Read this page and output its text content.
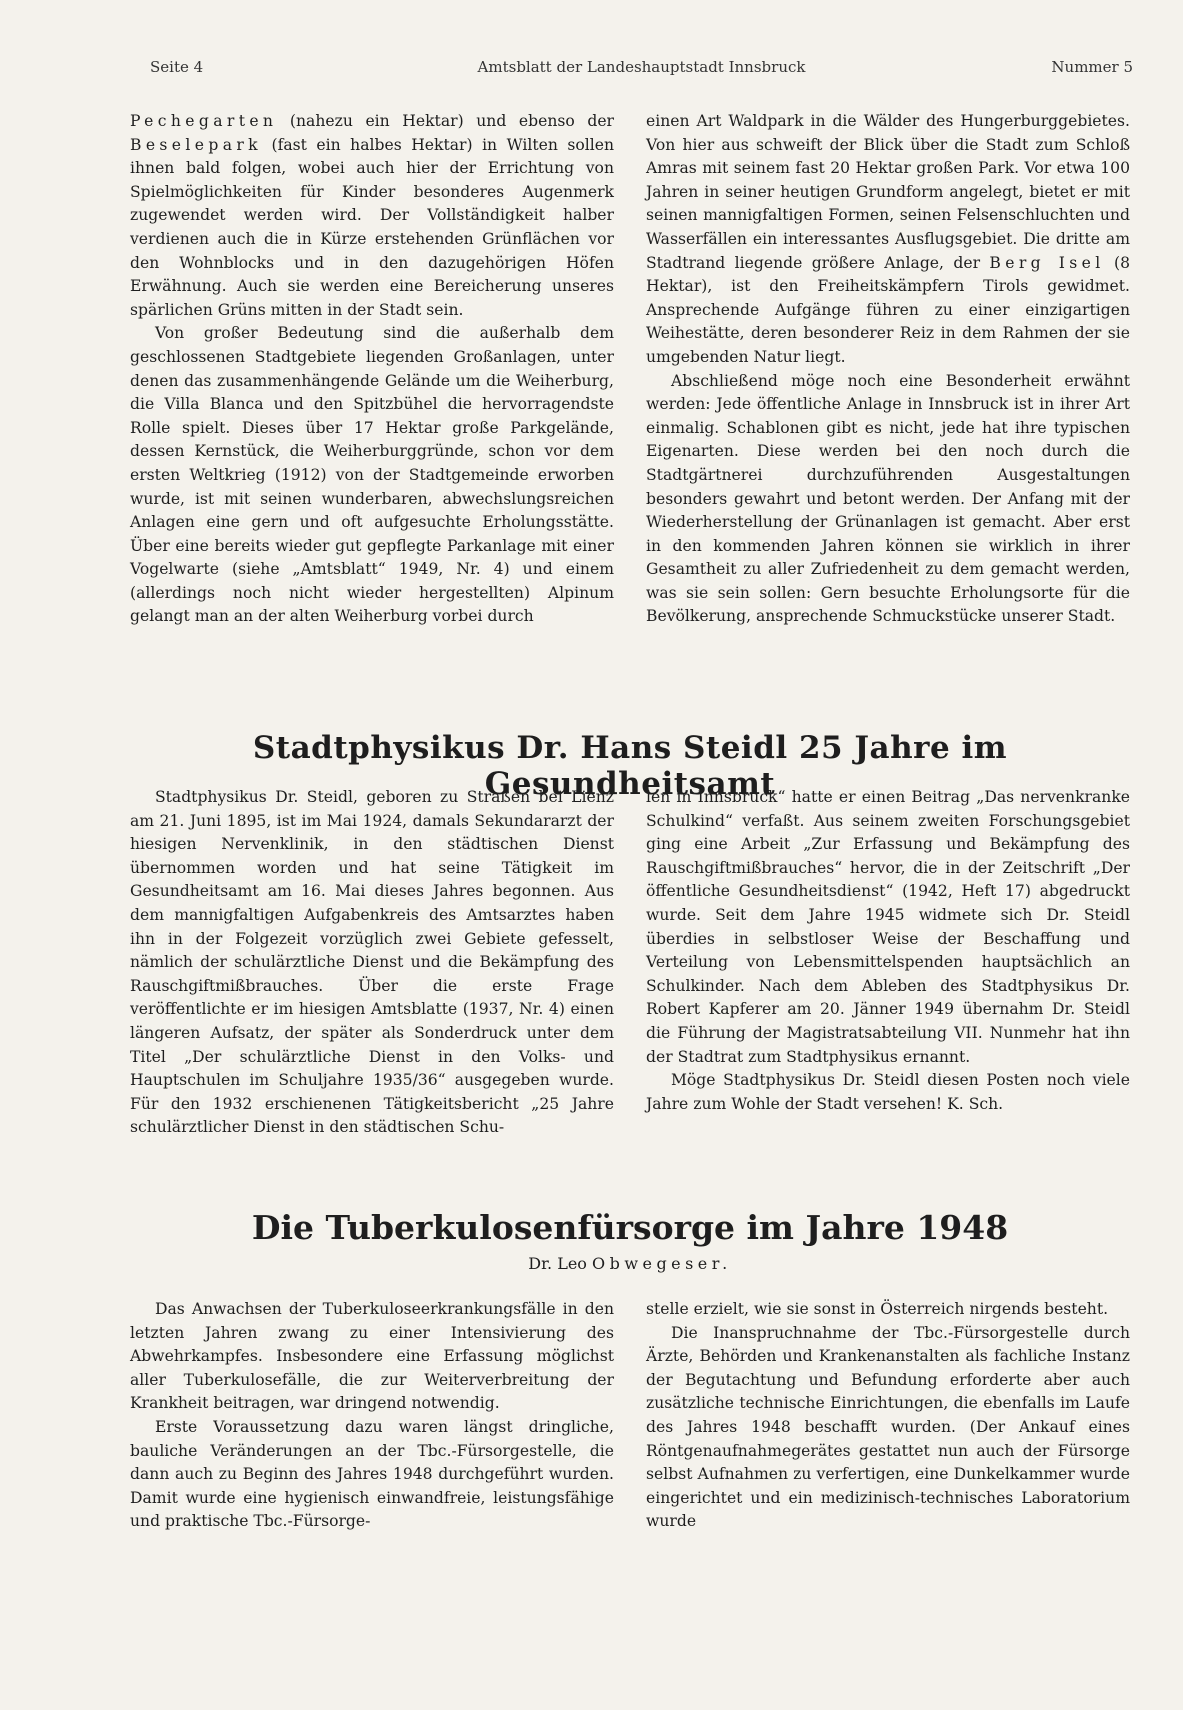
Seite 4	Amtsblatt der Landeshauptstadt Innsbruck	Nummer 5

Pechegarten (nahezu ein Hektar) und ebenso der Beselepark (fast ein halbes Hektar) in Wilten sollen ihnen bald folgen, wobei auch hier der Errichtung von Spielmöglichkeiten für Kinder besonderes Augenmerk zugewendet werden wird. Der Vollständigkeit halber verdienen auch die in Kürze erstehenden Grünflächen vor den Wohnblocks und in den dazugehörigen Höfen Erwähnung. Auch sie werden eine Bereicherung unseres spärlichen Grüns mitten in der Stadt sein.

Von großer Bedeutung sind die außerhalb dem geschlossenen Stadtgebiete liegenden Großanlagen, unter denen das zusammenhängende Gelände um die Weiherburg, die Villa Blanca und den Spitzbühel die hervorragendste Rolle spielt. Dieses über 17 Hektar große Parkgelände, dessen Kernstück, die Weiherburggründe, schon vor dem ersten Weltkrieg (1912) von der Stadtgemeinde erworben wurde, ist mit seinen wunderbaren, abwechslungsreichen Anlagen eine gern und oft aufgesuchte Erholungsstätte. Über eine bereits wieder gut gepflegte Parkanlage mit einer Vogelwarte (siehe „Amtsblatt“ 1949, Nr. 4) und einem (allerdings noch nicht wieder hergestellten) Alpinum gelangt man an der alten Weiherburg vorbei durch

einen Art Waldpark in die Wälder des Hungerburggebietes. Von hier aus schweift der Blick über die Stadt zum Schloß Amras mit seinem fast 20 Hektar großen Park. Vor etwa 100 Jahren in seiner heutigen Grundform angelegt, bietet er mit seinen mannigfaltigen Formen, seinen Felsenschluchten und Wasserfällen ein interessantes Ausflugsgebiet. Die dritte am Stadtrand liegende größere Anlage, der Berg Isel (8 Hektar), ist den Freiheitskämpfern Tirols gewidmet. Ansprechende Aufgänge führen zu einer einzigartigen Weihestätte, deren besonderer Reiz in dem Rahmen der sie umgebenden Natur liegt.

Abschließend möge noch eine Besonderheit erwähnt werden: Jede öffentliche Anlage in Innsbruck ist in ihrer Art einmalig. Schablonen gibt es nicht, jede hat ihre typischen Eigenarten. Diese werden bei den noch durch die Stadtgärtnerei durchzuführenden Ausgestaltungen besonders gewahrt und betont werden. Der Anfang mit der Wiederherstellung der Grünanlagen ist gemacht. Aber erst in den kommenden Jahren können sie wirklich in ihrer Gesamtheit zu aller Zufriedenheit zu dem gemacht werden, was sie sein sollen: Gern besuchte Erholungsorte für die Bevölkerung, ansprechende Schmuckstücke unserer Stadt.

Stadtphysikus Dr. Hans Steidl 25 Jahre im Gesundheitsamt

Stadtphysikus Dr. Steidl, geboren zu Straßen bei Lienz am 21. Juni 1895, ist im Mai 1924, damals Sekundararzt der hiesigen Nervenklinik, in den städtischen Dienst übernommen worden und hat seine Tätigkeit im Gesundheitsamt am 16. Mai dieses Jahres begonnen. Aus dem mannigfaltigen Aufgabenkreis des Amtsarztes haben ihn in der Folgezeit vorzüglich zwei Gebiete gefesselt, nämlich der schulärztliche Dienst und die Bekämpfung des Rauschgiftmißbrauches. Über die erste Frage veröffentlichte er im hiesigen Amtsblatte (1937, Nr. 4) einen längeren Aufsatz, der später als Sonderdruck unter dem Titel „Der schulärztliche Dienst in den Volks- und Hauptschulen im Schuljahre 1935/36“ ausgegeben wurde. Für den 1932 erschienenen Tätigkeitsbericht „25 Jahre schulärztlicher Dienst in den städtischen Schu-

len in Innsbruck“ hatte er einen Beitrag „Das nervenkranke Schulkind“ verfaßt. Aus seinem zweiten Forschungsgebiet ging eine Arbeit „Zur Erfassung und Bekämpfung des Rauschgiftmißbrauches“ hervor, die in der Zeitschrift „Der öffentliche Gesundheitsdienst“ (1942, Heft 17) abgedruckt wurde. Seit dem Jahre 1945 widmete sich Dr. Steidl überdies in selbstloser Weise der Beschaffung und Verteilung von Lebensmittelspenden hauptsächlich an Schulkinder. Nach dem Ableben des Stadtphysikus Dr. Robert Kapferer am 20. Jänner 1949 übernahm Dr. Steidl die Führung der Magistratsabteilung VII. Nunmehr hat ihn der Stadtrat zum Stadtphysikus ernannt.

Möge Stadtphysikus Dr. Steidl diesen Posten noch viele Jahre zum Wohle der Stadt versehen! K. Sch.

Die Tuberkulosenfürsorge im Jahre 1948
Dr. Leo Obwegeser.

Das Anwachsen der Tuberkuloseerkrankungsfälle in den letzten Jahren zwang zu einer Intensivierung des Abwehrkampfes. Insbesondere eine Erfassung möglichst aller Tuberkulosefälle, die zur Weiterverbreitung der Krankheit beitragen, war dringend notwendig.

Erste Voraussetzung dazu waren längst dringliche, bauliche Veränderungen an der Tbc.-Fürsorgestelle, die dann auch zu Beginn des Jahres 1948 durchgeführt wurden. Damit wurde eine hygienisch einwandfreie, leistungsfähige und praktische Tbc.-Fürsorge-

stelle erzielt, wie sie sonst in Österreich nirgends besteht.

Die Inanspruchnahme der Tbc.-Fürsorgestelle durch Ärzte, Behörden und Krankenanstalten als fachliche Instanz der Begutachtung und Befundung erforderte aber auch zusätzliche technische Einrichtungen, die ebenfalls im Laufe des Jahres 1948 beschafft wurden. (Der Ankauf eines Röntgenaufnahmegerätes gestattet nun auch der Fürsorge selbst Aufnahmen zu verfertigen, eine Dunkelkammer wurde eingerichtet und ein medizinisch-technisches Laboratorium wurde
